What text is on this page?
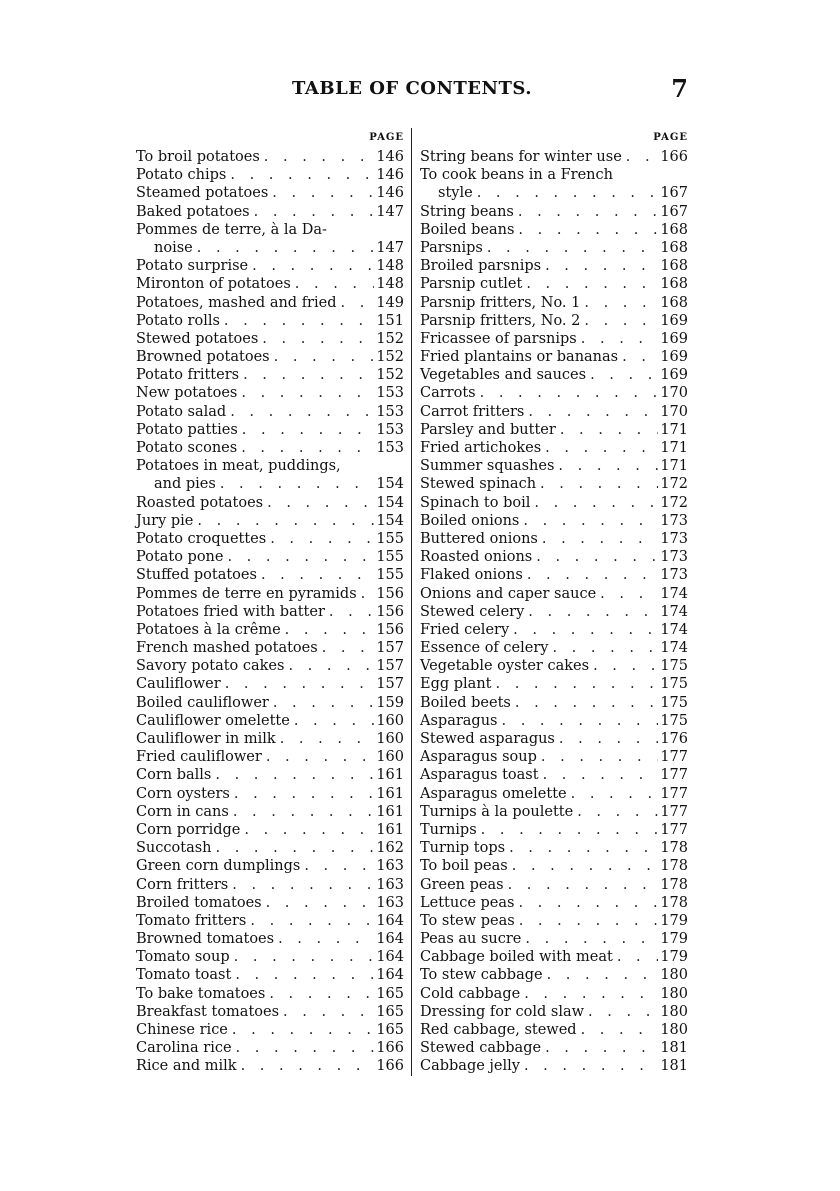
TABLE OF CONTENTS.	7
PAGE
To broil potatoes . . .	146
Potato chips . . .	146
Steamed potatoes . . .	146
Baked potatoes . . .	147
Pommes de terre, à la Da-
noise . . .	147
Potato surprise . . .	148
Mironton of potatoes . . .	148
Potatoes, mashed and fried . . .	149
Potato rolls . . .	151
Stewed potatoes . . .	152
Browned potatoes . . .	152
Potato fritters . . .	152
New potatoes . . .	153
Potato salad . . .	153
Potato patties . . .	153
Potato scones . . .	153
Potatoes in meat, puddings,
and pies . . .	154
Roasted potatoes . . .	154
Jury pie . . .	154
Potato croquettes . . .	155
Potato pone . . .	155
Stuffed potatoes . . .	155
Pommes de terre en pyramids . . . 156
Potatoes fried with batter . . .	156
Potatoes à la crême . . .	156
French mashed potatoes . . .	157
Savory potato cakes . . .	157
Cauliflower . . .	157
Boiled cauliflower . . .	159
Cauliflower omelette . . .	160
Cauliflower in milk . . .	160
Fried cauliflower . . .	160
Corn balls . . .	161
Corn oysters . . .	161
Corn in cans . . .	161
Corn porridge . . .	161
Succotash . . .	162
Green corn dumplings . . .	163
Corn fritters . . .	163
Broiled tomatoes . . .	163
Tomato fritters . . .	164
Browned tomatoes . . .	164
Tomato soup . . .	164
Tomato toast . . .	164
To bake tomatoes . . .	165
Breakfast tomatoes . . .	165
Chinese rice . . .	165
Carolina rice . . .	166
Rice and milk . . .	166
PAGE
String beans for winter use . . .	166
To cook beans in a French
style . . .	167
String beans . . .	167
Boiled beans . . .	168
Parsnips . . .	168
Broiled parsnips . . .	168
Parsnip cutlet . . .	168
Parsnip fritters, No. 1 . . .	168
Parsnip fritters, No. 2 . . .	169
Fricassee of parsnips . . .	169
Fried plantains or bananas . . .	169
Vegetables and sauces . . .	169
Carrots . . .	170
Carrot fritters . . .	170
Parsley and butter . . .	171
Fried artichokes . . .	171
Summer squashes . . .	171
Stewed spinach . . .	172
Spinach to boil . . .	172
Boiled onions . . .	173
Buttered onions . . .	173
Roasted onions . . .	173
Flaked onions . . .	173
Onions and caper sauce . . .	174
Stewed celery . . .	174
Fried celery . . .	174
Essence of celery . . .	174
Vegetable oyster cakes . . .	175
Egg plant . . .	175
Boiled beets . . .	175
Asparagus . . .	175
Stewed asparagus . . .	176
Asparagus soup . . .	177
Asparagus toast . . .	177
Asparagus omelette . . .	177
Turnips à la poulette . . .	177
Turnips . . .	177
Turnip tops . . .	178
To boil peas . . .	178
Green peas . . .	178
Lettuce peas . . .	178
To stew peas . . .	179
Peas au sucre . . .	179
Cabbage boiled with meat . . .	179
To stew cabbage . . .	180
Cold cabbage . . .	180
Dressing for cold slaw . . .	180
Red cabbage, stewed . . .	180
Stewed cabbage . . .	181
Cabbage jelly . . .	181
